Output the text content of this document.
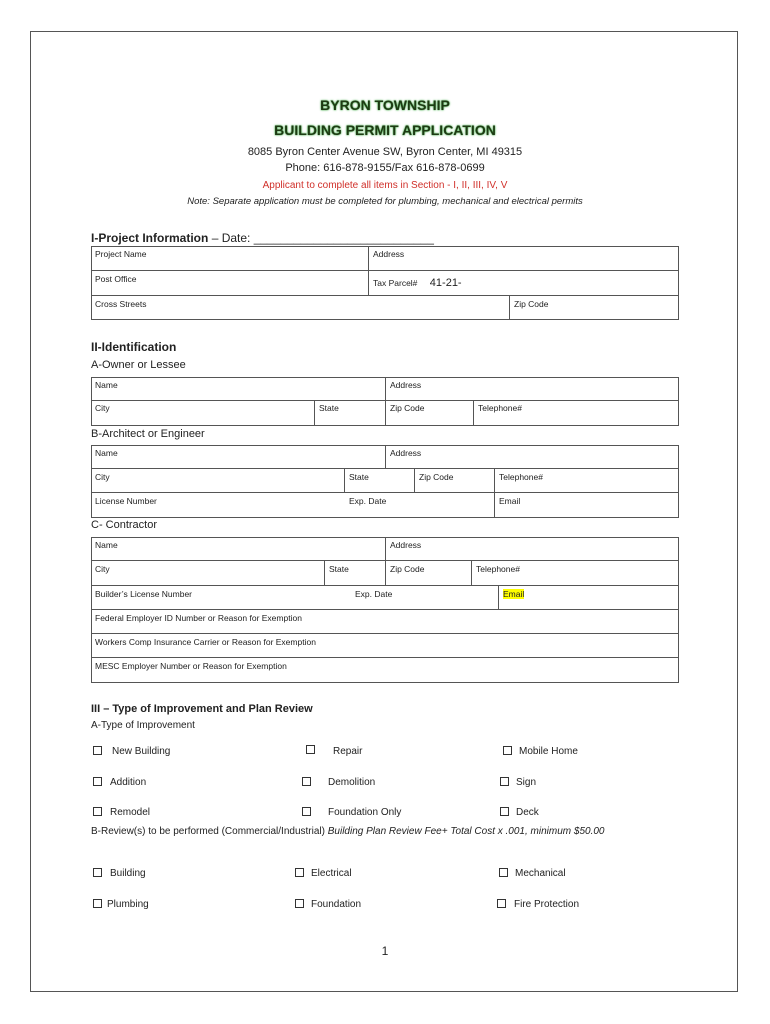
BYRON TOWNSHIP
BUILDING PERMIT APPLICATION
8085 Byron Center Avenue SW, Byron Center, MI 49315
Phone: 616-878-9155/Fax 616-878-0699
Applicant to complete all items in Section - I, II, III, IV, V
Note: Separate application must be completed for plumbing, mechanical and electrical permits
I-Project Information – Date: ___________________________
Project Name	Address
Post Office	Tax Parcel# 41-21-
Cross Streets	Zip Code
II-Identification
A-Owner or Lessee
Name	Address
City	State	Zip Code	Telephone#
B-Architect or Engineer
Name	Address
City	State	Zip Code	Telephone#
License Number	Exp. Date	Email
C- Contractor
Name	Address
City	State	Zip Code	Telephone#
Builder’s License Number	Exp. Date	Email
Federal Employer ID Number or Reason for Exemption
Workers Comp Insurance Carrier or Reason for Exemption
MESC Employer Number or Reason for Exemption
III – Type of Improvement and Plan Review
A-Type of Improvement
New Building	Repair	Mobile Home
Addition	Demolition	Sign
Remodel	Foundation Only	Deck
B-Review(s) to be performed (Commercial/Industrial) Building Plan Review Fee+ Total Cost x .001, minimum $50.00
Building	Electrical	Mechanical
Plumbing	Foundation	Fire Protection
1
